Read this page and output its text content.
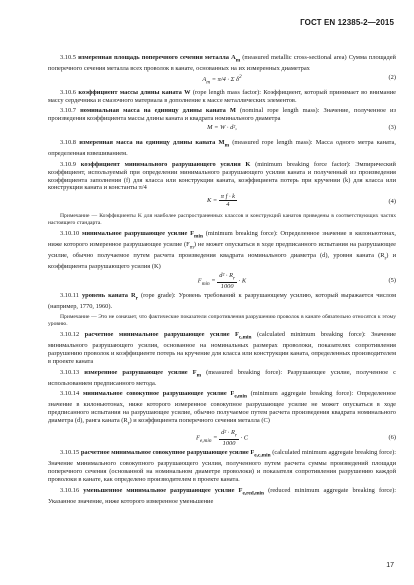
ГОСТ EN 12385-2—2015

3.10.5 измеренная площадь поперечного сечения металла $A_m$ (measured metallic cross-sectional area) Сумма площадей поперечного сечения металла всех проволок в канате, основанных на их измеренных диаметрах

$A_m = \pi/4 \cdot \Sigma$ $\delta^2$	(2)

3.10.6 коэффициент массы длины каната W (rope length mass factor): Коэффициент, который принимает во внимание массу сердечника и смазочного материала в дополнение к массе металлических элементов.

3.10.7 номинальная масса на единицу длины каната M (nominal rope length mass): Значение, полученное из произведения коэффициента массы длины каната и квадрата номинального диаметра

M = W · d²,	(3)

3.10.8 измеренная масса на единицу длины каната $M_m$ (measured rope length mass): Масса одного метра каната, определенная взвешиванием.

3.10.9 коэффициент минимального разрушающего усилия K (minimum breaking force factor): Эмпирический коэффициент, используемый при определении минимального разрушающего усилия каната и полученный из произведения коэффициента заполнения (f) для класса или конструкции каната, коэффициента потерь при кручении (k) для класса или конструкции каната и константы π/4

$K = \frac{\text{π f · k}}{4}$	(4)

Примечание — Коэффициенты K для наиболее распространенных классов и конструкций канатов приведены в соответствующих частях настоящего стандарта.

3.10.10 минимальное разрушающее усилие $F_{min}$ (minimum breaking force): Определенное значение в килоньютонах, ниже которого измеренное разрушающее усилие $(F_m)$ не может опускаться в ходе предписанного испытания на разрушающее усилие, обычно получаемое путем расчета произведения квадрата номинального диаметра (d), уровня каната $(R_r)$ и коэффициента разрушающего усилия (K)

$F_{min} = \frac{d^2 \cdot R_r}{1000} \cdot K$	(5)

3.10.11 уровень каната $R_r$ (rope grade): Уровень требований к разрушающему усилию, который выражается числом (например, 1770, 1960).

Примечание — Это не означает, что фактические показатели сопротивления разрушению проволок в канате обязательно относятся к этому уровню.

3.10.12 расчетное минимальное разрушающее усилие $F_{c,min}$ (calculated minimum breaking force): Значение минимального разрушающего усилия, основанное на номинальных размерах проволоки, показателях сопротивления разрушению проволок и коэффициенте потерь на кручение для класса или конструкции каната, определенных производителем в проекте каната

3.10.13 измеренное разрушающее усилие $F_m$ (measured breaking force): Разрушающее усилие, полученное с использованием предписанного метода.

3.10.14 минимальное совокупное разрушающее усилие $F_{e,min}$ (minimum aggregate breaking force): Определенное значение в килоньютонах, ниже которого измеренное совокупное разрушающее усилие не может опускаться в ходе предписанного испытания на разрушающее усилие, обычно получаемое путем расчета произведения квадрата номинального диаметра (d), ранга каната $(R_r)$ и коэффициента поперечного сечения металла (C)

$F_{e,min} = \frac{d^2 \cdot R_r}{1000} \cdot C$	(6)

3.10.15 расчетное минимальное совокупное разрушающее усилие $F_{e,c,min}$ (calculated minimum aggregate breaking force): Значение минимального совокупного разрушающего усилия, полученного путем расчета суммы произведений площади поперечного сечения (основанной на номинальном диаметре проволоки) и показателя сопротивления разрушению каждой проволоки в канате, как определено производителем в проекте каната.

3.10.16 уменьшенное минимальное разрушающее усилие $F_{e,red,min}$ (reduced minimum aggregate breaking force): Указанное значение, ниже которого измеренное уменьшение

17
